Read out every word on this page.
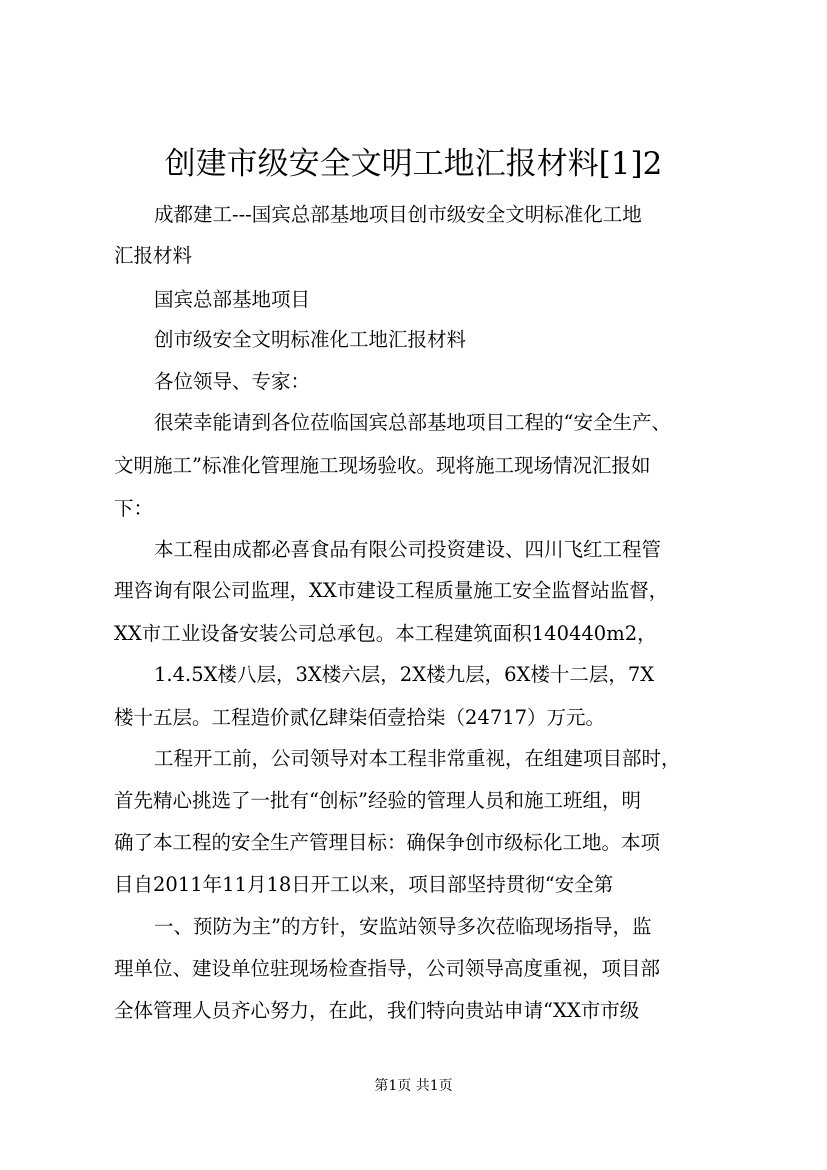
创建市级安全文明工地汇报材料[1]2
成都建工---国宾总部基地项目创市级安全文明标准化工地
汇报材料
国宾总部基地项目
创市级安全文明标准化工地汇报材料
各位领导、专家：
很荣幸能请到各位莅临国宾总部基地项目工程的“安全生产、
文明施工”标准化管理施工现场验收。现将施工现场情况汇报如
下：
本工程由成都必喜食品有限公司投资建设、四川飞红工程管
理咨询有限公司监理，XX市建设工程质量施工安全监督站监督，
XX市工业设备安装公司总承包。本工程建筑面积140440m2，
1.4.5X楼八层，3X楼六层，2X楼九层，6X楼十二层，7X
楼十五层。工程造价贰亿肆柒佰壹拾柒（24717）万元。
工程开工前，公司领导对本工程非常重视，在组建项目部时，
首先精心挑选了一批有“创标”经验的管理人员和施工班组，明
确了本工程的安全生产管理目标：确保争创市级标化工地。本项
目自2011年11月18日开工以来，项目部坚持贯彻“安全第
一、预防为主”的方针，安监站领导多次莅临现场指导，监
理单位、建设单位驻现场检查指导，公司领导高度重视，项目部
全体管理人员齐心努力，在此，我们特向贵站申请“XX市市级
第1页 共1页
